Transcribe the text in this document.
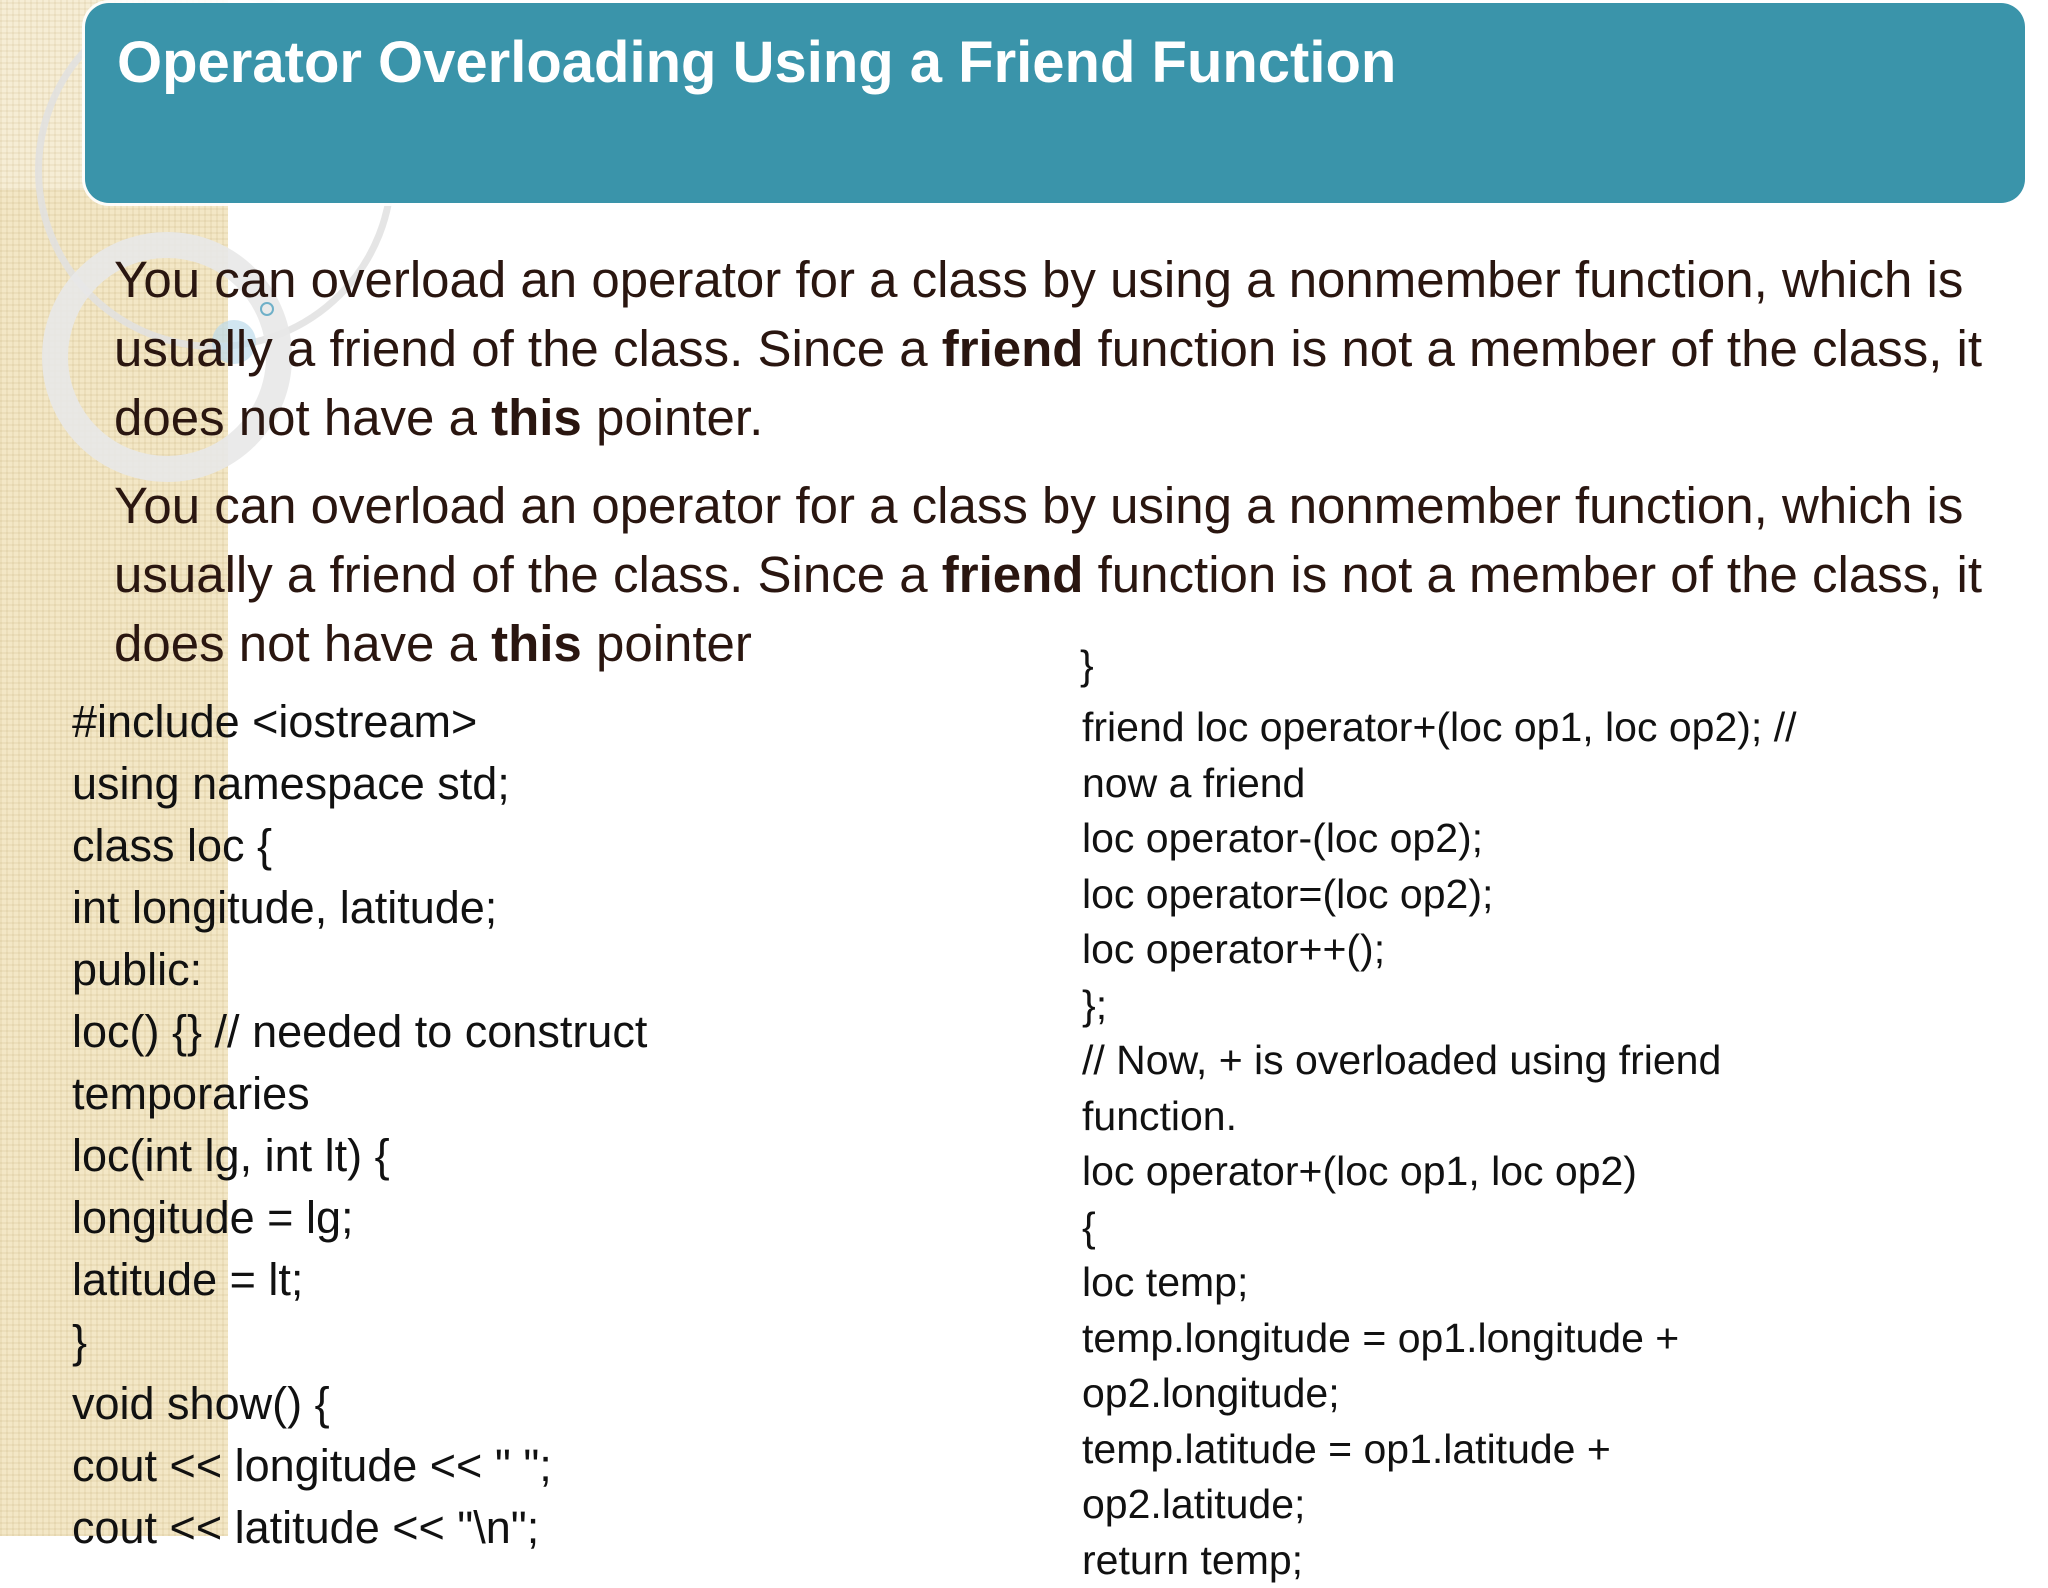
Operator Overloading Using a Friend Function

You can overload an operator for a class by using a nonmember function, which is usually a friend of the class. Since a friend function is not a member of the class, it does not have a this pointer.

You can overload an operator for a class by using a nonmember function, which is usually a friend of the class. Since a friend function is not a member of the class, it does not have a this pointer	}
#include <iostream>
using namespace std;
class loc {
int longitude, latitude;
public:
loc() {} // needed to construct
temporaries
loc(int lg, int lt) {
longitude = lg;
latitude = lt;
}
void show() {
cout << longitude << " ";
cout << latitude << "\n";
friend loc operator+(loc op1, loc op2); //
now a friend
loc operator-(loc op2);
loc operator=(loc op2);
loc operator++();
};
// Now, + is overloaded using friend
function.
loc operator+(loc op1, loc op2)
{
loc temp;
temp.longitude = op1.longitude +
op2.longitude;
temp.latitude = op1.latitude +
op2.latitude;
return temp;
